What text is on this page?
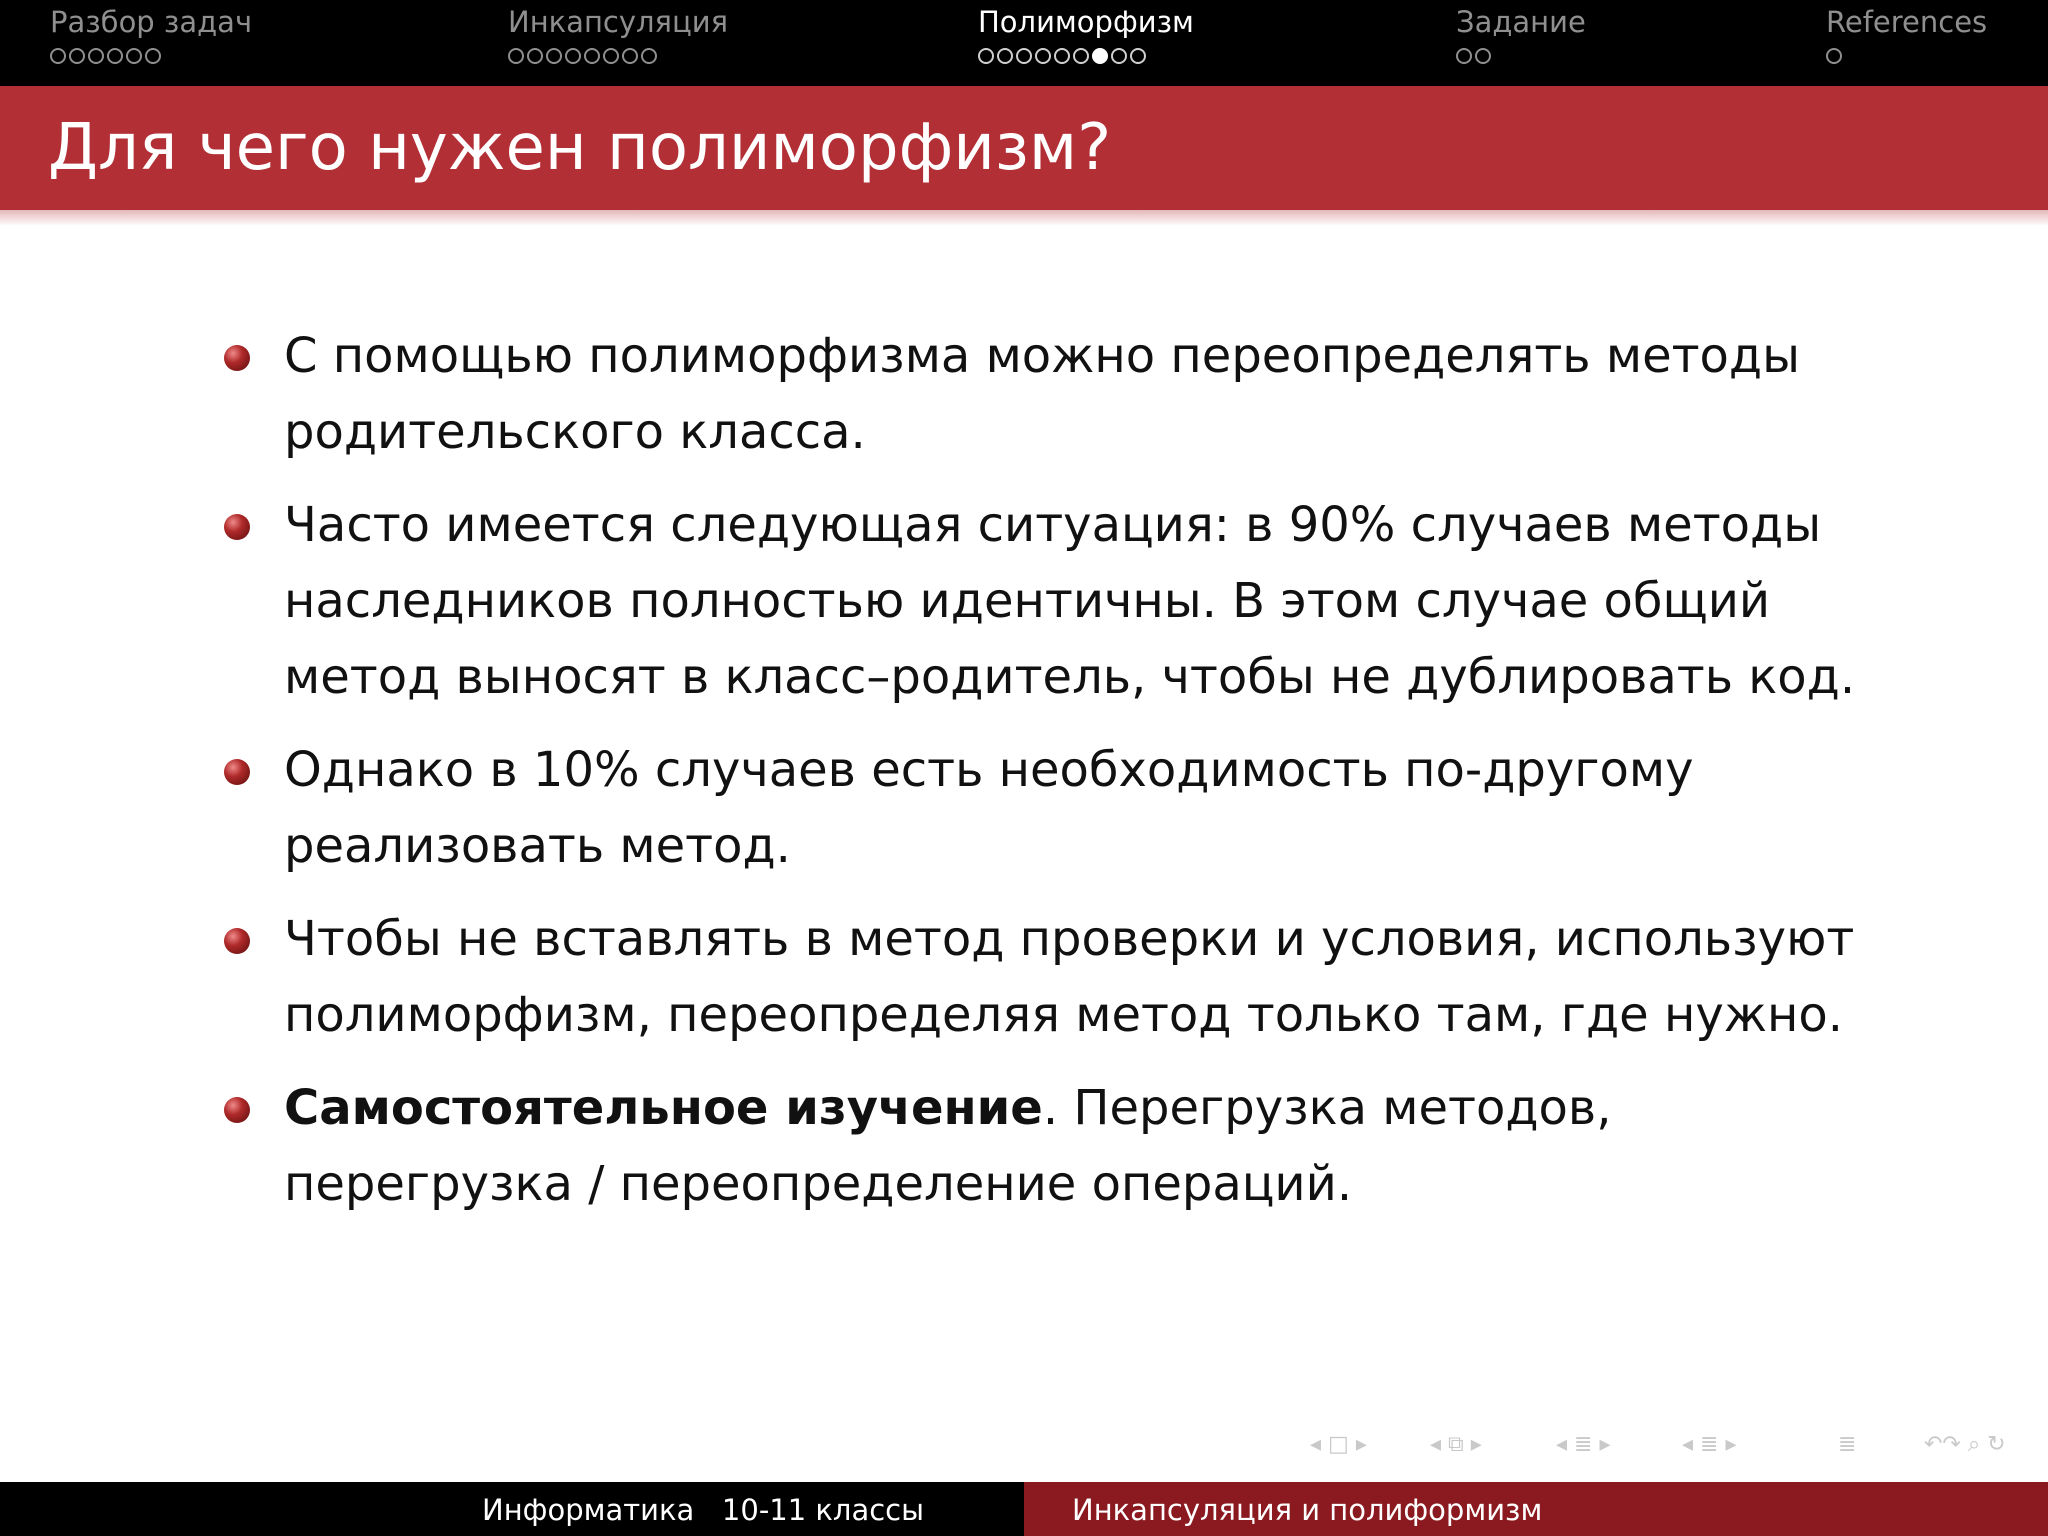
Разбор задач	Инкапсуляция	Полиморфизм	Задание	References
Для чего нужен полиморфизм?
С помощью полиморфизма можно переопределять методы родительского класса.
Часто имеется следующая ситуация: в 90% случаев методы наследников полностью идентичны. В этом случае общий метод выносят в класс–родитель, чтобы не дублировать код.
Однако в 10% случаев есть необходимость по-другому реализовать метод.
Чтобы не вставлять в метод проверки и условия, используют полиморфизм, переопределяя метод только там, где нужно.
Самостоятельное изучение. Перегрузка методов, перегрузка / переопределение операций.
◂ □ ▸	◂ ⧉ ▸	◂ ≣ ▸	◂ ≣ ▸	≣	↶↷ ⌕ ↻
Информатика   10-11 классы	Инкапсуляция и полиформизм
